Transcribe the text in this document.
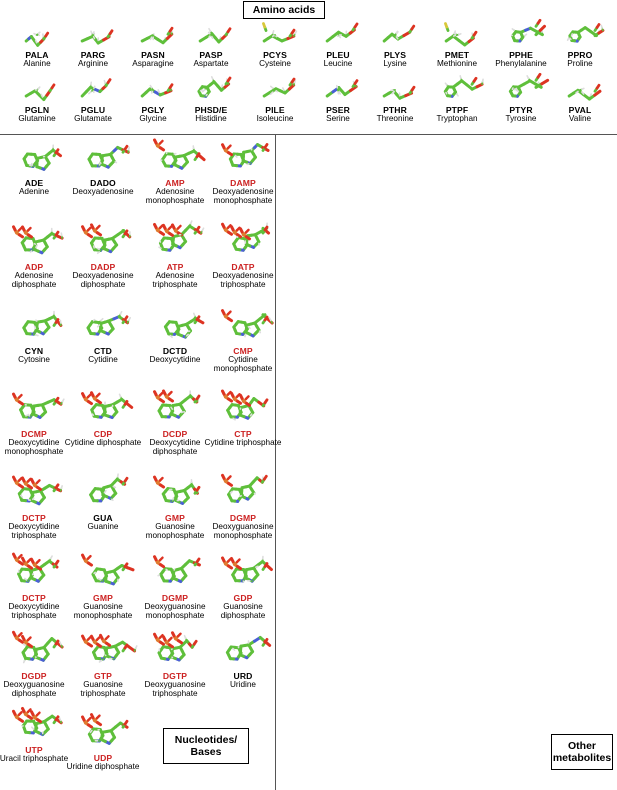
Amino acids
Nucleotides/ Bases
Other metabolites
PALA
Alanine
PARG
Arginine
PASN
Asparagine
PASP
Aspartate
PCYS
Cysteine
PLEU
Leucine
PLYS
Lysine
PMET
Methionine
PPHE
Phenylalanine
PPRO
Proline
PGLN
Glutamine
PGLU
Glutamate
PGLY
Glycine
PHSD/E
Histidine
PILE
Isoleucine
PSER
Serine
PTHR
Threonine
PTPF
Tryptophan
PTYR
Tyrosine
PVAL
Valine
ADE
Adenine
DADO
Deoxyadenosine
AMP
Adenosine monophosphate
DAMP
Deoxyadenosine monophosphate
ADP
Adenosine diphosphate
DADP
Deoxyadenosine diphosphate
ATP
Adenosine triphosphate
DATP
Deoxyadenosine triphosphate
CYN
Cytosine
CTD
Cytidine
DCTD
Deoxycytidine
CMP
Cytidine monophosphate
DCMP
Deoxycytidine monophosphate
CDP
Cytidine diphosphate
DCDP
Deoxycytidine diphosphate
CTP
Cytidine triphosphate
DCTP
Deoxycytidine triphosphate
GUA
Guanine
GMP
Guanosine monophosphate
DGMP
Deoxyguanosine monophosphate
DCTP
Deoxycytidine triphosphate
GMP
Guanosine monophosphate
DGMP
Deoxyguanosine monophosphate
GDP
Guanosine diphosphate
DGDP
Deoxyguanosine diphosphate
GTP
Guanosine triphosphate
DGTP
Deoxyguanosine triphosphate
URD
Uridine
UTP
Uracil triphosphate	UDP
Uridine diphosphate
